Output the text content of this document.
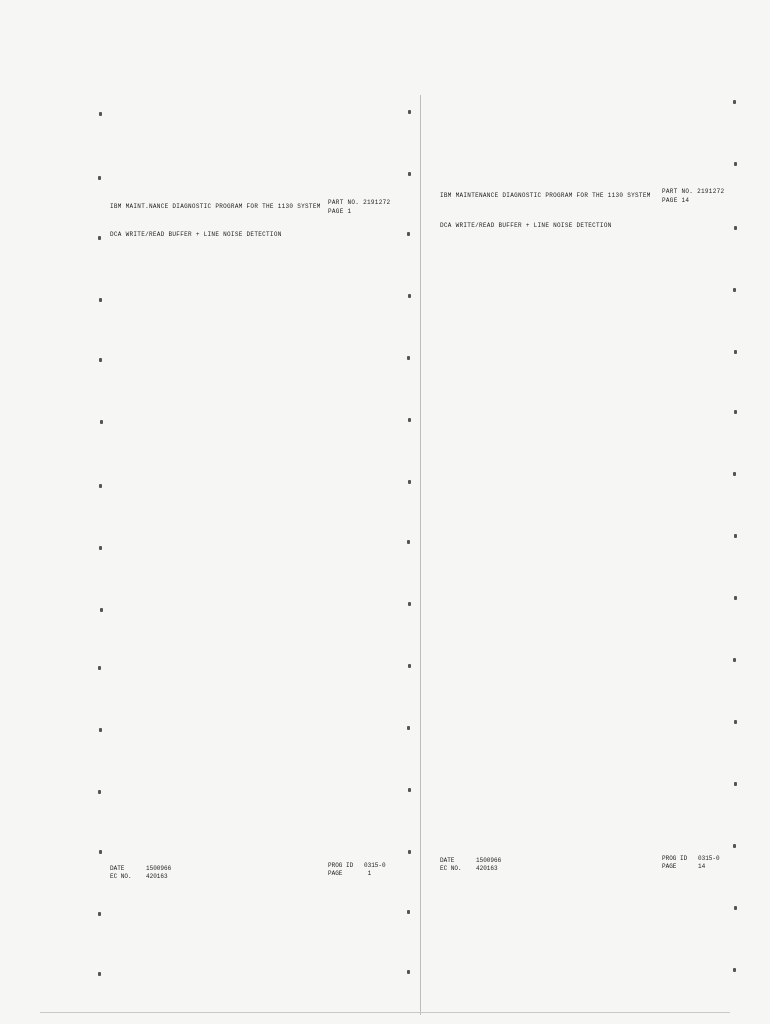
IBM MAINT.NANCE DIAGNOSTIC PROGRAM FOR THE 1130 SYSTEM
PART NO. 2191272
PAGE 1
DCA WRITE/READ BUFFER + LINE NOISE DETECTION
DATE      1500966
EC NO.    420163
PROG ID   0315-0
PAGE       1
IBM MAINTENANCE DIAGNOSTIC PROGRAM FOR THE 1130 SYSTEM
PART NO. 2191272
PAGE 14
DCA WRITE/READ BUFFER + LINE NOISE DETECTION
DATE      1500966
EC NO.    420163
PROG ID   0315-0
PAGE      14
